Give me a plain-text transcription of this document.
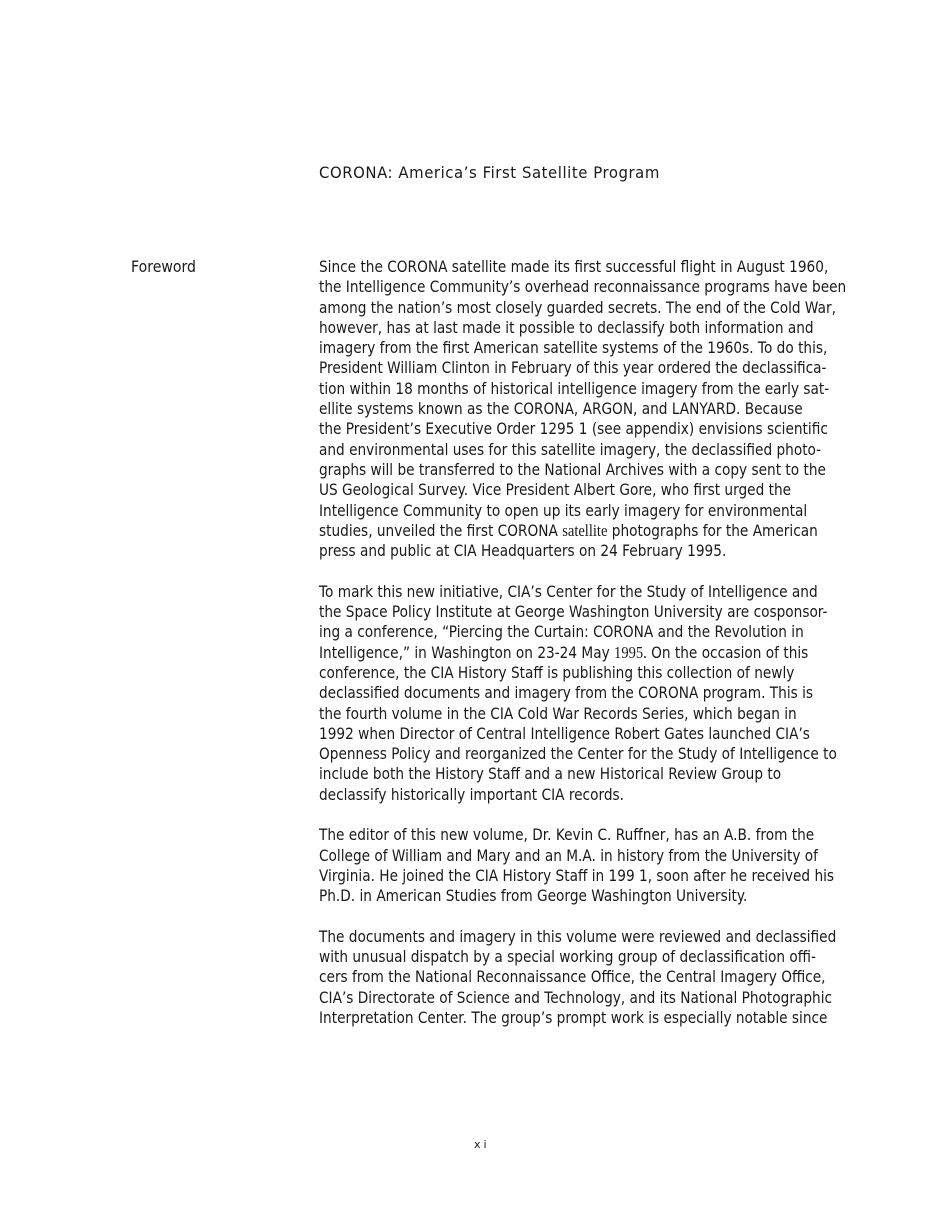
CORONA: America’s First Satellite Program
Foreword	Since the CORONA satellite made its first successful flight in August 1960,
the Intelligence Community’s overhead reconnaissance programs have been
among the nation’s most closely guarded secrets. The end of the Cold War,
however, has at last made it possible to declassify both information and
imagery from the first American satellite systems of the 1960s. To do this,
President William Clinton in February of this year ordered the declassifica-
tion within 18 months of historical intelligence imagery from the early sat-
ellite systems known as the CORONA, ARGON, and LANYARD. Because
the President’s Executive Order 1295 1 (see appendix) envisions scientific
and environmental uses for this satellite imagery, the declassified photo-
graphs will be transferred to the National Archives with a copy sent to the
US Geological Survey. Vice President Albert Gore, who first urged the
Intelligence Community to open up its early imagery for environmental
studies, unveiled the first CORONA satellite photographs for the American
press and public at CIA Headquarters on 24 February 1995.
To mark this new initiative, CIA’s Center for the Study of Intelligence and
the Space Policy Institute at George Washington University are cosponsor-
ing a conference, “Piercing the Curtain: CORONA and the Revolution in
Intelligence,” in Washington on 23-24 May 1995. On the occasion of this
conference, the CIA History Staff is publishing this collection of newly
declassified documents and imagery from the CORONA program. This is
the fourth volume in the CIA Cold War Records Series, which began in
1992 when Director of Central Intelligence Robert Gates launched CIA’s
Openness Policy and reorganized the Center for the Study of Intelligence to
include both the History Staff and a new Historical Review Group to
declassify historically important CIA records.
The editor of this new volume, Dr. Kevin C. Ruffner, has an A.B. from the
College of William and Mary and an M.A. in history from the University of
Virginia. He joined the CIA History Staff in 199 1, soon after he received his
Ph.D. in American Studies from George Washington University.
The documents and imagery in this volume were reviewed and declassified
with unusual dispatch by a special working group of declassification offi-
cers from the National Reconnaissance Office, the Central Imagery Office,
CIA’s Directorate of Science and Technology, and its National Photographic
Interpretation Center. The group’s prompt work is especially notable since
xi
